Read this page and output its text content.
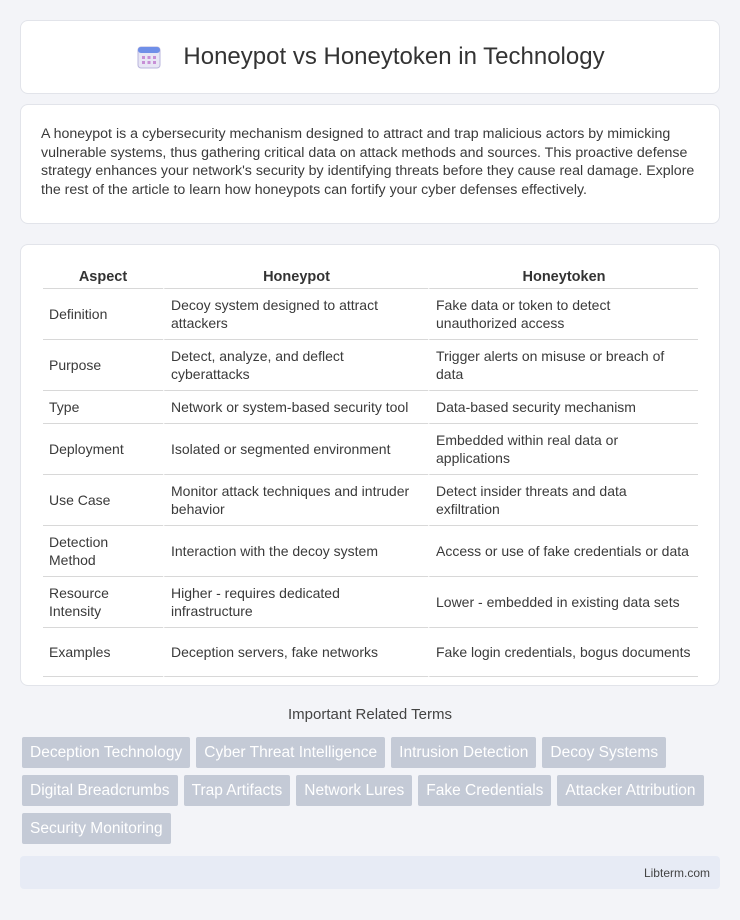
Honeypot vs Honeytoken in Technology

A honeypot is a cybersecurity mechanism designed to attract and trap malicious actors by mimicking vulnerable systems, thus gathering critical data on attack methods and sources. This proactive defense strategy enhances your network's security by identifying threats before they cause real damage. Explore the rest of the article to learn how honeypots can fortify your cyber defenses effectively.

Aspect	Honeypot	Honeytoken
Definition	Decoy system designed to attract attackers	Fake data or token to detect unauthorized access
Purpose	Detect, analyze, and deflect cyberattacks	Trigger alerts on misuse or breach of data
Type	Network or system-based security tool	Data-based security mechanism
Deployment	Isolated or segmented environment	Embedded within real data or applications
Use Case	Monitor attack techniques and intruder behavior	Detect insider threats and data exfiltration
Detection Method	Interaction with the decoy system	Access or use of fake credentials or data
Resource Intensity	Higher - requires dedicated infrastructure	Lower - embedded in existing data sets
Examples	Deception servers, fake networks	Fake login credentials, bogus documents
Important Related Terms
Deception Technology	Cyber Threat Intelligence	Intrusion Detection	Decoy Systems
Digital Breadcrumbs	Trap Artifacts	Network Lures	Fake Credentials	Attacker Attribution
Security Monitoring
Libterm.com
